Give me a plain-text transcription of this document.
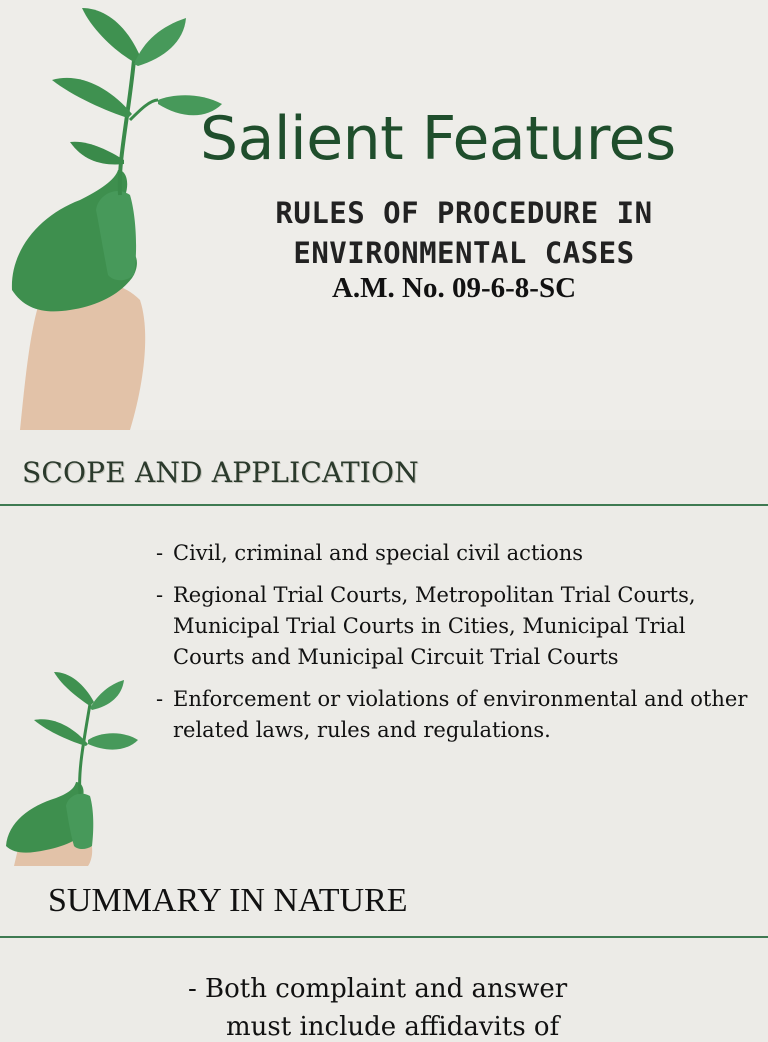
Salient Features
RULES OF PROCEDURE IN
ENVIRONMENTAL CASES
A.M. No. 09-6-8-SC
SCOPE AND APPLICATION
- Civil, criminal and special civil actions
- Regional Trial Courts, Metropolitan Trial Courts, Municipal Trial Courts in Cities, Municipal Trial Courts and Municipal Circuit Trial Courts
- Enforcement or violations of environmental and other related laws, rules and regulations.
SUMMARY IN NATURE
- Both complaint and answer
must include affidavits of
